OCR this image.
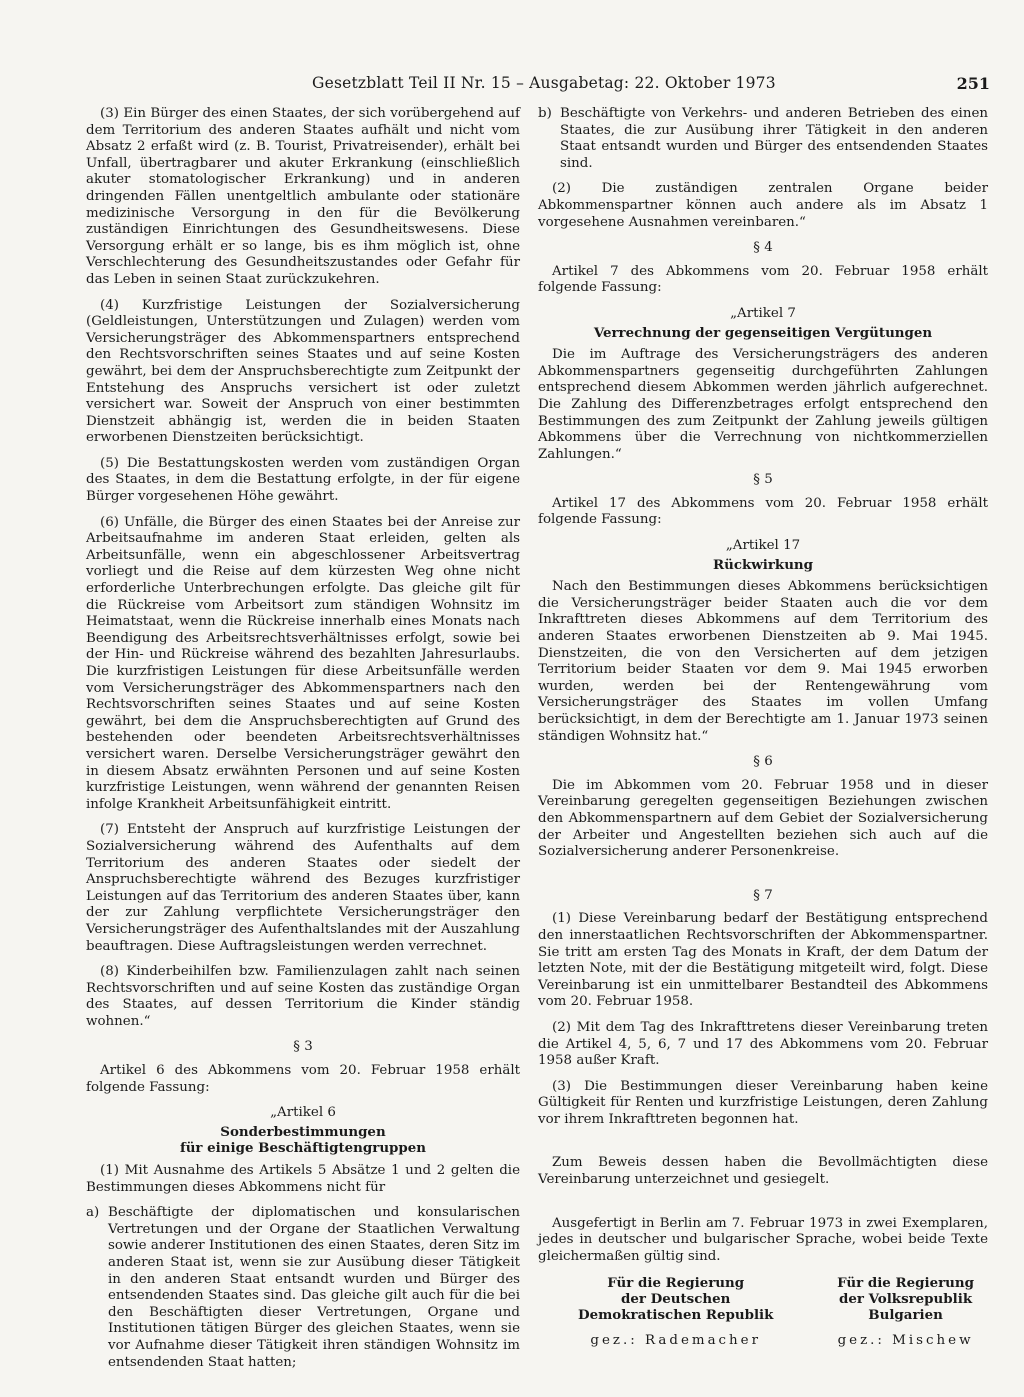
Gesetzblatt Teil II Nr. 15 – Ausgabetag: 22. Oktober 1973	251

(3) Ein Bürger des einen Staates, der sich vorübergehend auf dem Territorium des anderen Staates aufhält und nicht vom Absatz 2 erfaßt wird (z. B. Tourist, Privatreisender), erhält bei Unfall, übertragbarer und akuter Erkrankung (einschließlich akuter stomatologischer Erkrankung) und in anderen dringenden Fällen unentgeltlich ambulante oder stationäre medizinische Versorgung in den für die Bevölkerung zuständigen Einrichtungen des Gesundheitswesens. Diese Versorgung erhält er so lange, bis es ihm möglich ist, ohne Verschlechterung des Gesundheitszustandes oder Gefahr für das Leben in seinen Staat zurückzukehren.

(4) Kurzfristige Leistungen der Sozialversicherung (Geldleistungen, Unterstützungen und Zulagen) werden vom Versicherungsträger des Abkommenspartners entsprechend den Rechtsvorschriften seines Staates und auf seine Kosten gewährt, bei dem der Anspruchsberechtigte zum Zeitpunkt der Entstehung des Anspruchs versichert ist oder zuletzt versichert war. Soweit der Anspruch von einer bestimmten Dienstzeit abhängig ist, werden die in beiden Staaten erworbenen Dienstzeiten berücksichtigt.

(5) Die Bestattungskosten werden vom zuständigen Organ des Staates, in dem die Bestattung erfolgte, in der für eigene Bürger vorgesehenen Höhe gewährt.

(6) Unfälle, die Bürger des einen Staates bei der Anreise zur Arbeitsaufnahme im anderen Staat erleiden, gelten als Arbeitsunfälle, wenn ein abgeschlossener Arbeitsvertrag vorliegt und die Reise auf dem kürzesten Weg ohne nicht erforderliche Unterbrechungen erfolgte. Das gleiche gilt für die Rückreise vom Arbeitsort zum ständigen Wohnsitz im Heimatstaat, wenn die Rückreise innerhalb eines Monats nach Beendigung des Arbeitsrechtsverhältnisses erfolgt, sowie bei der Hin- und Rückreise während des bezahlten Jahresurlaubs. Die kurzfristigen Leistungen für diese Arbeitsunfälle werden vom Versicherungsträger des Abkommenspartners nach den Rechtsvorschriften seines Staates und auf seine Kosten gewährt, bei dem die Anspruchsberechtigten auf Grund des bestehenden oder beendeten Arbeitsrechtsverhältnisses versichert waren. Derselbe Versicherungsträger gewährt den in diesem Absatz erwähnten Personen und auf seine Kosten kurzfristige Leistungen, wenn während der genannten Reisen infolge Krankheit Arbeitsunfähigkeit eintritt.

(7) Entsteht der Anspruch auf kurzfristige Leistungen der Sozialversicherung während des Aufenthalts auf dem Territorium des anderen Staates oder siedelt der Anspruchsberechtigte während des Bezuges kurzfristiger Leistungen auf das Territorium des anderen Staates über, kann der zur Zahlung verpflichtete Versicherungsträger den Versicherungsträger des Aufenthaltslandes mit der Auszahlung beauftragen. Diese Auftragsleistungen werden verrechnet.

(8) Kinderbeihilfen bzw. Familienzulagen zahlt nach seinen Rechtsvorschriften und auf seine Kosten das zuständige Organ des Staates, auf dessen Territorium die Kinder ständig wohnen.“

§ 3

Artikel 6 des Abkommens vom 20. Februar 1958 erhält folgende Fassung:

„Artikel 6
Sonderbestimmungen
für einige Beschäftigtengruppen

(1) Mit Ausnahme des Artikels 5 Absätze 1 und 2 gelten die Bestimmungen dieses Abkommens nicht für

a) Beschäftigte der diplomatischen und konsularischen Vertretungen und der Organe der Staatlichen Verwaltung sowie anderer Institutionen des einen Staates, deren Sitz im anderen Staat ist, wenn sie zur Ausübung dieser Tätigkeit in den anderen Staat entsandt wurden und Bürger des entsendenden Staates sind. Das gleiche gilt auch für die bei den Beschäftigten dieser Vertretungen, Organe und Institutionen tätigen Bürger des gleichen Staates, wenn sie vor Aufnahme dieser Tätigkeit ihren ständigen Wohnsitz im entsendenden Staat hatten;
b) Beschäftigte von Verkehrs- und anderen Betrieben des einen Staates, die zur Ausübung ihrer Tätigkeit in den anderen Staat entsandt wurden und Bürger des entsendenden Staates sind.

(2) Die zuständigen zentralen Organe beider Abkommenspartner können auch andere als im Absatz 1 vorgesehene Ausnahmen vereinbaren.“

§ 4

Artikel 7 des Abkommens vom 20. Februar 1958 erhält folgende Fassung:

„Artikel 7
Verrechnung der gegenseitigen Vergütungen

Die im Auftrage des Versicherungsträgers des anderen Abkommenspartners gegenseitig durchgeführten Zahlungen entsprechend diesem Abkommen werden jährlich aufgerechnet. Die Zahlung des Differenzbetrages erfolgt entsprechend den Bestimmungen des zum Zeitpunkt der Zahlung jeweils gültigen Abkommens über die Verrechnung von nichtkommerziellen Zahlungen.“

§ 5

Artikel 17 des Abkommens vom 20. Februar 1958 erhält folgende Fassung:

„Artikel 17
Rückwirkung

Nach den Bestimmungen dieses Abkommens berücksichtigen die Versicherungsträger beider Staaten auch die vor dem Inkrafttreten dieses Abkommens auf dem Territorium des anderen Staates erworbenen Dienstzeiten ab 9. Mai 1945. Dienstzeiten, die von den Versicherten auf dem jetzigen Territorium beider Staaten vor dem 9. Mai 1945 erworben wurden, werden bei der Rentengewährung vom Versicherungsträger des Staates im vollen Umfang berücksichtigt, in dem der Berechtigte am 1. Januar 1973 seinen ständigen Wohnsitz hat.“

§ 6

Die im Abkommen vom 20. Februar 1958 und in dieser Vereinbarung geregelten gegenseitigen Beziehungen zwischen den Abkommenspartnern auf dem Gebiet der Sozialversicherung der Arbeiter und Angestellten beziehen sich auch auf die Sozialversicherung anderer Personenkreise.

§ 7

(1) Diese Vereinbarung bedarf der Bestätigung entsprechend den innerstaatlichen Rechtsvorschriften der Abkommenspartner. Sie tritt am ersten Tag des Monats in Kraft, der dem Datum der letzten Note, mit der die Bestätigung mitgeteilt wird, folgt. Diese Vereinbarung ist ein unmittelbarer Bestandteil des Abkommens vom 20. Februar 1958.

(2) Mit dem Tag des Inkrafttretens dieser Vereinbarung treten die Artikel 4, 5, 6, 7 und 17 des Abkommens vom 20. Februar 1958 außer Kraft.

(3) Die Bestimmungen dieser Vereinbarung haben keine Gültigkeit für Renten und kurzfristige Leistungen, deren Zahlung vor ihrem Inkrafttreten begonnen hat.

Zum Beweis dessen haben die Bevollmächtigten diese Vereinbarung unterzeichnet und gesiegelt.

Ausgefertigt in Berlin am 7. Februar 1973 in zwei Exemplaren, jedes in deutscher und bulgarischer Sprache, wobei beide Texte gleichermaßen gültig sind.

Für die Regierung
der Deutschen
Demokratischen Republik
gez.: Rademacher
Für die Regierung
der Volksrepublik
Bulgarien
gez.: Mischew
